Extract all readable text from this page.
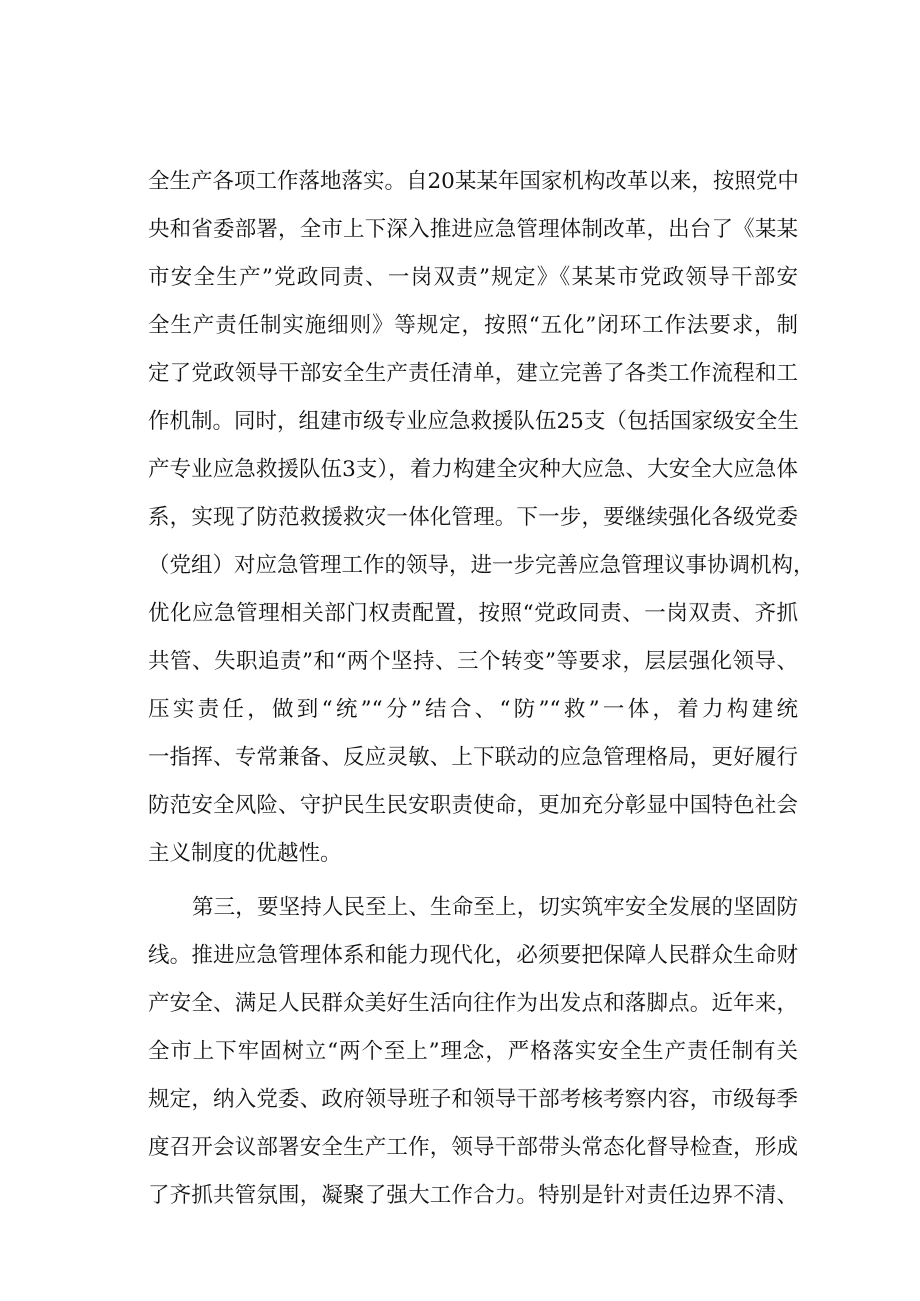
全生产各项工作落地落实。自20某某年国家机构改革以来，按照党中
央和省委部署，全市上下深入推进应急管理体制改革，出台了《某某
市安全生产”党政同责、一岗双责”规定》《某某市党政领导干部安
全生产责任制实施细则》等规定，按照“五化”闭环工作法要求，制
定了党政领导干部安全生产责任清单，建立完善了各类工作流程和工
作机制。同时，组建市级专业应急救援队伍25支（包括国家级安全生
产专业应急救援队伍3支），着力构建全灾种大应急、大安全大应急体
系，实现了防范救援救灾一体化管理。下一步，要继续强化各级党委
（党组）对应急管理工作的领导，进一步完善应急管理议事协调机构，
优化应急管理相关部门权责配置，按照“党政同责、一岗双责、齐抓
共管、失职追责”和“两个坚持、三个转变”等要求，层层强化领导、
压实责任，做到“统”“分”结合、“防”“救”一体，着力构建统
一指挥、专常兼备、反应灵敏、上下联动的应急管理格局，更好履行
防范安全风险、守护民生民安职责使命，更加充分彰显中国特色社会
主义制度的优越性。
第三，要坚持人民至上、生命至上，切实筑牢安全发展的坚固防
线。推进应急管理体系和能力现代化，必须要把保障人民群众生命财
产安全、满足人民群众美好生活向往作为出发点和落脚点。近年来，
全市上下牢固树立“两个至上”理念，严格落实安全生产责任制有关
规定，纳入党委、政府领导班子和领导干部考核考察内容，市级每季
度召开会议部署安全生产工作，领导干部带头常态化督导检查，形成
了齐抓共管氛围，凝聚了强大工作合力。特别是针对责任边界不清、
